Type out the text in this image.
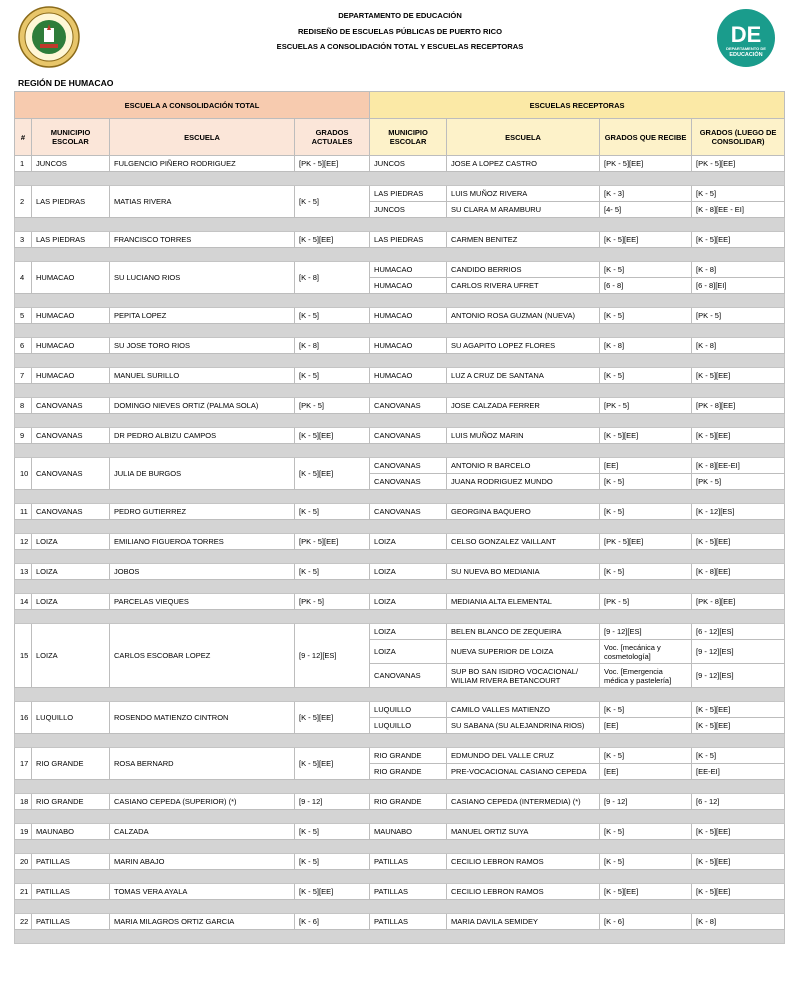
DEPARTAMENTO DE EDUCACIÓN
REDISEÑO DE ESCUELAS PÚBLICAS DE PUERTO RICO
ESCUELAS A CONSOLIDACIÓN TOTAL Y ESCUELAS RECEPTORAS	DE
DEPARTAMENTO DE
EDUCACIÓN
REGIÓN DE HUMACAO
ESCUELA A CONSOLIDACIÓN TOTAL				ESCUELAS RECEPTORAS			
#	MUNICIPIO ESCOLAR	ESCUELA	GRADOS ACTUALES	MUNICIPIO ESCOLAR	ESCUELA	GRADOS QUE RECIBE	GRADOS (LUEGO DE CONSOLIDAR)
1	JUNCOS	FULGENCIO PIÑERO RODRIGUEZ	[PK - 5][EE]	JUNCOS	JOSE A LOPEZ CASTRO	[PK - 5][EE]	[PK - 5][EE]

2	LAS PIEDRAS	MATIAS RIVERA	[K - 5]	LAS PIEDRAS	LUIS MUÑOZ RIVERA	[K - 3]	[K - 5]
				JUNCOS	SU CLARA M ARAMBURU	[4- 5]	[K - 8][EE - EI]

3	LAS PIEDRAS	FRANCISCO TORRES	[K - 5][EE]	LAS PIEDRAS	CARMEN BENITEZ	[K - 5][EE]	[K - 5][EE]

4	HUMACAO	SU LUCIANO RIOS	[K - 8]	HUMACAO	CANDIDO BERRIOS	[K - 5]	[K - 8]
				HUMACAO	CARLOS RIVERA UFRET	[6 - 8]	[6 - 8][EI]

5	HUMACAO	PEPITA LOPEZ	[K - 5]	HUMACAO	ANTONIO ROSA GUZMAN (NUEVA)	[K - 5]	[PK - 5]

6	HUMACAO	SU JOSE TORO RIOS	[K - 8]	HUMACAO	SU AGAPITO LOPEZ FLORES	[K - 8]	[K - 8]

7	HUMACAO	MANUEL SURILLO	[K - 5]	HUMACAO	LUZ A CRUZ DE SANTANA	[K - 5]	[K - 5][EE]

8	CANOVANAS	DOMINGO NIEVES ORTIZ (PALMA SOLA)	[PK - 5]	CANOVANAS	JOSE CALZADA FERRER	[PK - 5]	[PK - 8][EE]

9	CANOVANAS	DR PEDRO ALBIZU CAMPOS	[K - 5][EE]	CANOVANAS	LUIS MUÑOZ MARIN	[K - 5][EE]	[K - 5][EE]

10	CANOVANAS	JULIA DE BURGOS	[K - 5][EE]	CANOVANAS	ANTONIO R BARCELO	[EE]	[K - 8][EE-EI]
				CANOVANAS	JUANA RODRIGUEZ MUNDO	[K - 5]	[PK - 5]

11	CANOVANAS	PEDRO GUTIERREZ	[K - 5]	CANOVANAS	GEORGINA BAQUERO	[K - 5]	[K - 12][ES]

12	LOIZA	EMILIANO FIGUEROA TORRES	[PK - 5][EE]	LOIZA	CELSO GONZALEZ VAILLANT	[PK - 5][EE]	[K - 5][EE]

13	LOIZA	JOBOS	[K - 5]	LOIZA	SU NUEVA BO MEDIANIA	[K - 5]	[K - 8][EE]

14	LOIZA	PARCELAS VIEQUES	[PK - 5]	LOIZA	MEDIANIA ALTA ELEMENTAL	[PK - 5]	[PK - 8][EE]

15	LOIZA	CARLOS ESCOBAR LOPEZ	[9 - 12][ES]	LOIZA	BELEN BLANCO DE ZEQUEIRA	[9 - 12][ES]	[6 - 12][ES]
				LOIZA	NUEVA SUPERIOR DE LOIZA	Voc. [mecánica y cosmetología]	[9 - 12][ES]
				CANOVANAS	SUP BO SAN ISIDRO VOCACIONAL/ WILIAM RIVERA BETANCOURT	Voc. [Emergencia médica y pastelería]	[9 - 12][ES]

16	LUQUILLO	ROSENDO MATIENZO CINTRON	[K - 5][EE]	LUQUILLO	CAMILO VALLES MATIENZO	[K - 5]	[K - 5][EE]
				LUQUILLO	SU SABANA (SU ALEJANDRINA RIOS)	[EE]	[K - 5][EE]

17	RIO GRANDE	ROSA BERNARD	[K - 5][EE]	RIO GRANDE	EDMUNDO DEL VALLE CRUZ	[K - 5]	[K - 5]
				RIO GRANDE	PRE-VOCACIONAL CASIANO CEPEDA	[EE]	[EE-EI]

18	RIO GRANDE	CASIANO CEPEDA (SUPERIOR) (*)	[9 - 12]	RIO GRANDE	CASIANO CEPEDA (INTERMEDIA) (*)	[9 - 12]	[6 - 12]

19	MAUNABO	CALZADA	[K - 5]	MAUNABO	MANUEL ORTIZ SUYA	[K - 5]	[K - 5][EE]

20	PATILLAS	MARIN ABAJO	[K - 5]	PATILLAS	CECILIO LEBRON RAMOS	[K - 5]	[K - 5][EE]

21	PATILLAS	TOMAS VERA AYALA	[K - 5][EE]	PATILLAS	CECILIO LEBRON RAMOS	[K - 5][EE]	[K - 5][EE]

22	PATILLAS	MARIA MILAGROS ORTIZ GARCIA	[K - 6]	PATILLAS	MARIA DAVILA SEMIDEY	[K - 6]	[K - 8]
